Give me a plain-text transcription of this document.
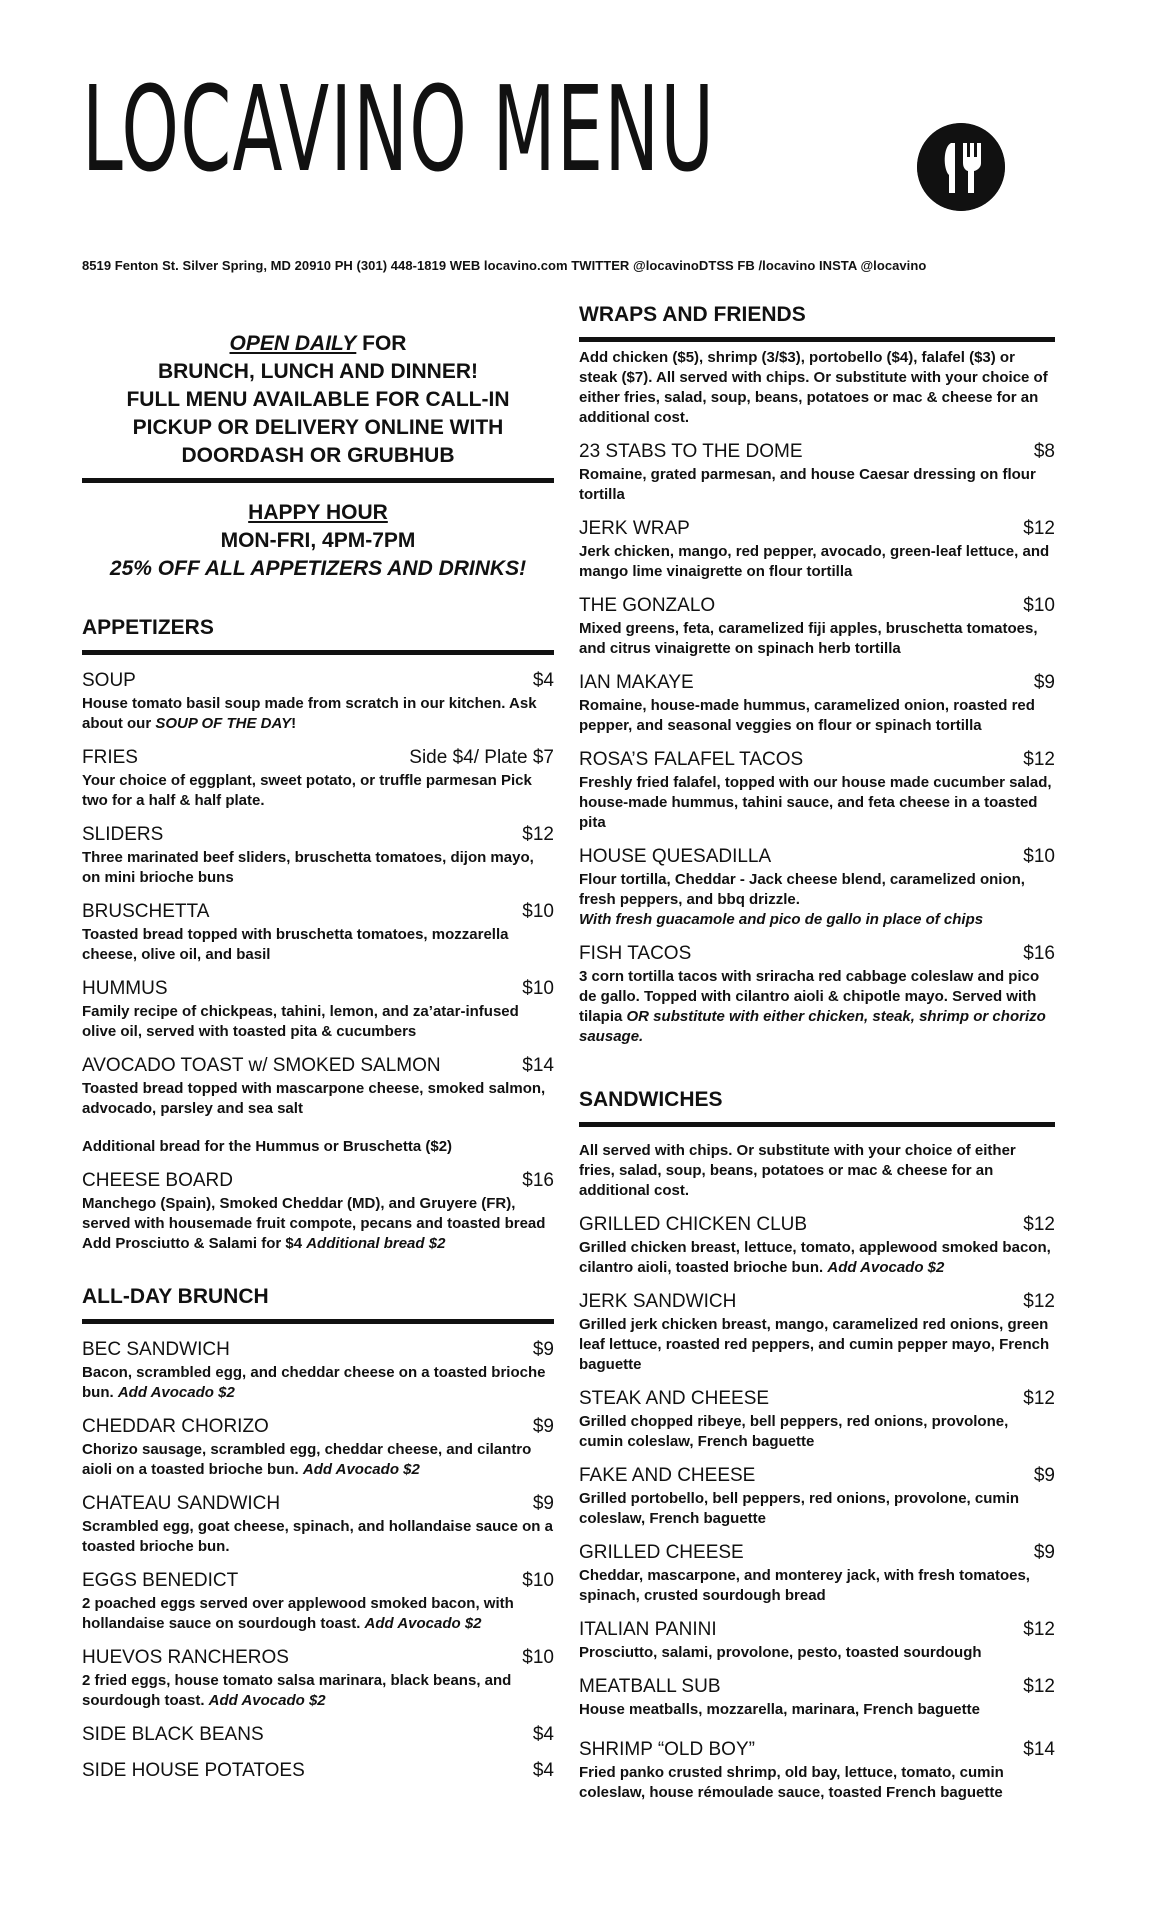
LOCAVINO MENU
8519 Fenton St. Silver Spring, MD 20910 PH (301) 448-1819 WEB locavino.com TWITTER @locavinoDTSS FB /locavino INSTA @locavino
OPEN DAILY FOR
BRUNCH, LUNCH AND DINNER!
FULL MENU AVAILABLE FOR CALL-IN
PICKUP OR DELIVERY ONLINE WITH
DOORDASH OR GRUBHUB
HAPPY HOUR
MON-FRI, 4PM-7PM
25% OFF ALL APPETIZERS AND DRINKS!
APPETIZERS
SOUP	$4
House tomato basil soup made from scratch in our kitchen. Ask about our SOUP OF THE DAY!
FRIES	Side $4/ Plate $7
Your choice of eggplant, sweet potato, or truffle parmesan Pick two for a half & half plate.
SLIDERS	$12
Three marinated beef sliders, bruschetta tomatoes, dijon mayo, on mini brioche buns
BRUSCHETTA	$10
Toasted bread topped with bruschetta tomatoes, mozzarella cheese, olive oil, and basil
HUMMUS	$10
Family recipe of chickpeas, tahini, lemon, and za’atar-infused olive oil, served with toasted pita & cucumbers
AVOCADO TOAST w/ SMOKED SALMON	$14
Toasted bread topped with mascarpone cheese, smoked salmon, advocado, parsley and sea salt
Additional bread for the Hummus or Bruschetta ($2)
CHEESE BOARD	$16
Manchego (Spain), Smoked Cheddar (MD), and Gruyere (FR), served with housemade fruit compote, pecans and toasted bread Add Prosciutto & Salami for $4 Additional bread $2
ALL-DAY BRUNCH
BEC SANDWICH	$9
Bacon, scrambled egg, and cheddar cheese on a toasted brioche bun. Add Avocado $2
CHEDDAR CHORIZO	$9
Chorizo sausage, scrambled egg, cheddar cheese, and cilantro aioli on a toasted brioche bun. Add Avocado $2
CHATEAU SANDWICH	$9
Scrambled egg, goat cheese, spinach, and hollandaise sauce on a toasted brioche bun.
EGGS BENEDICT	$10
2 poached eggs served over applewood smoked bacon, with hollandaise sauce on sourdough toast. Add Avocado $2
HUEVOS RANCHEROS	$10
2 fried eggs, house tomato salsa marinara, black beans, and sourdough toast. Add Avocado $2
SIDE BLACK BEANS	$4
SIDE HOUSE POTATOES	$4
WRAPS AND FRIENDS
Add chicken ($5), shrimp (3/$3), portobello ($4), falafel ($3) or steak ($7). All served with chips. Or substitute with your choice of either fries, salad, soup, beans, potatoes or mac & cheese for an additional cost.
23 STABS TO THE DOME	$8
Romaine, grated parmesan, and house Caesar dressing on flour tortilla
JERK WRAP	$12
Jerk chicken, mango, red pepper, avocado, green-leaf lettuce, and mango lime vinaigrette on flour tortilla
THE GONZALO	$10
Mixed greens, feta, caramelized fiji apples, bruschetta tomatoes, and citrus vinaigrette on spinach herb tortilla
IAN MAKAYE	$9
Romaine, house-made hummus, caramelized onion, roasted red pepper, and seasonal veggies on flour or spinach tortilla
ROSA’S FALAFEL TACOS	$12
Freshly fried falafel, topped with our house made cucumber salad, house-made hummus, tahini sauce, and feta cheese in a toasted pita
HOUSE QUESADILLA	$10
Flour tortilla, Cheddar - Jack cheese blend, caramelized onion, fresh peppers, and bbq drizzle.
With fresh guacamole and pico de gallo in place of chips
FISH TACOS	$16
3 corn tortilla tacos with sriracha red cabbage coleslaw and pico de gallo. Topped with cilantro aioli & chipotle mayo. Served with tilapia OR substitute with either chicken, steak, shrimp or chorizo sausage.
SANDWICHES
All served with chips. Or substitute with your choice of either fries, salad, soup, beans, potatoes or mac & cheese for an additional cost.
GRILLED CHICKEN CLUB	$12
Grilled chicken breast, lettuce, tomato, applewood smoked bacon, cilantro aioli, toasted brioche bun. Add Avocado $2
JERK SANDWICH	$12
Grilled jerk chicken breast, mango, caramelized red onions, green leaf lettuce, roasted red peppers, and cumin pepper mayo, French baguette
STEAK AND CHEESE	$12
Grilled chopped ribeye, bell peppers, red onions, provolone, cumin coleslaw, French baguette
FAKE AND CHEESE	$9
Grilled portobello, bell peppers, red onions, provolone, cumin coleslaw, French baguette
GRILLED CHEESE	$9
Cheddar, mascarpone, and monterey jack, with fresh tomatoes, spinach, crusted sourdough bread
ITALIAN PANINI	$12
Prosciutto, salami, provolone, pesto, toasted sourdough
MEATBALL SUB	$12
House meatballs, mozzarella, marinara, French baguette
SHRIMP “OLD BOY”	$14
Fried panko crusted shrimp, old bay, lettuce, tomato, cumin coleslaw, house rémoulade sauce, toasted French baguette
